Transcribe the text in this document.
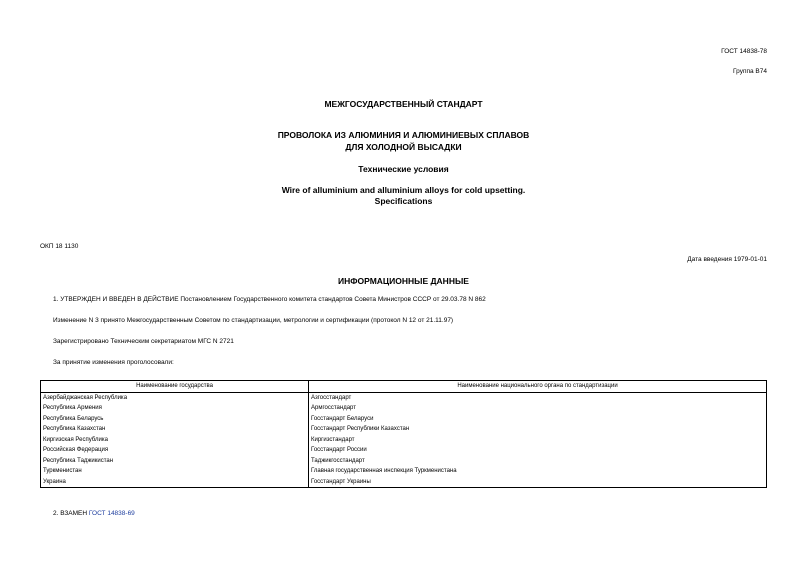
ГОСТ 14838-78
Группа В74
МЕЖГОСУДАРСТВЕННЫЙ СТАНДАРТ
ПРОВОЛОКА ИЗ АЛЮМИНИЯ И АЛЮМИНИЕВЫХ СПЛАВОВ
ДЛЯ ХОЛОДНОЙ ВЫСАДКИ
Технические условия
Wire of alluminium and alluminium alloys for cold upsetting.
Specifications
ОКП 18 1130
Дата введения 1979-01-01
ИНФОРМАЦИОННЫЕ ДАННЫЕ
1. УТВЕРЖДЕН И ВВЕДЕН В ДЕЙСТВИЕ Постановлением Государственного комитета стандартов Совета Министров СССР от 29.03.78 N 862
Изменение N 3 принято Межгосударственным Советом по стандартизации, метрологии и сертификации (протокол N 12 от 21.11.97)
Зарегистрировано Техническим секретариатом МГС N 2721
За принятие изменения проголосовали:
Наименование государства	Наименование национального органа по стандартизации
Азербайджанская Республика	Азгосстандарт
Республика Армения	Армгосстандарт
Республика Беларусь	Госстандарт Беларуси
Республика Казахстан	Госстандарт Республики Казахстан
Киргизская Республика	Киргизстандарт
Российская Федерация	Госстандарт России
Республика Таджикистан	Таджикгосстандарт
Туркменистан	Главная государственная инспекция Туркменистана
Украина	Госстандарт Украины
2. ВЗАМЕН ГОСТ 14838-69
